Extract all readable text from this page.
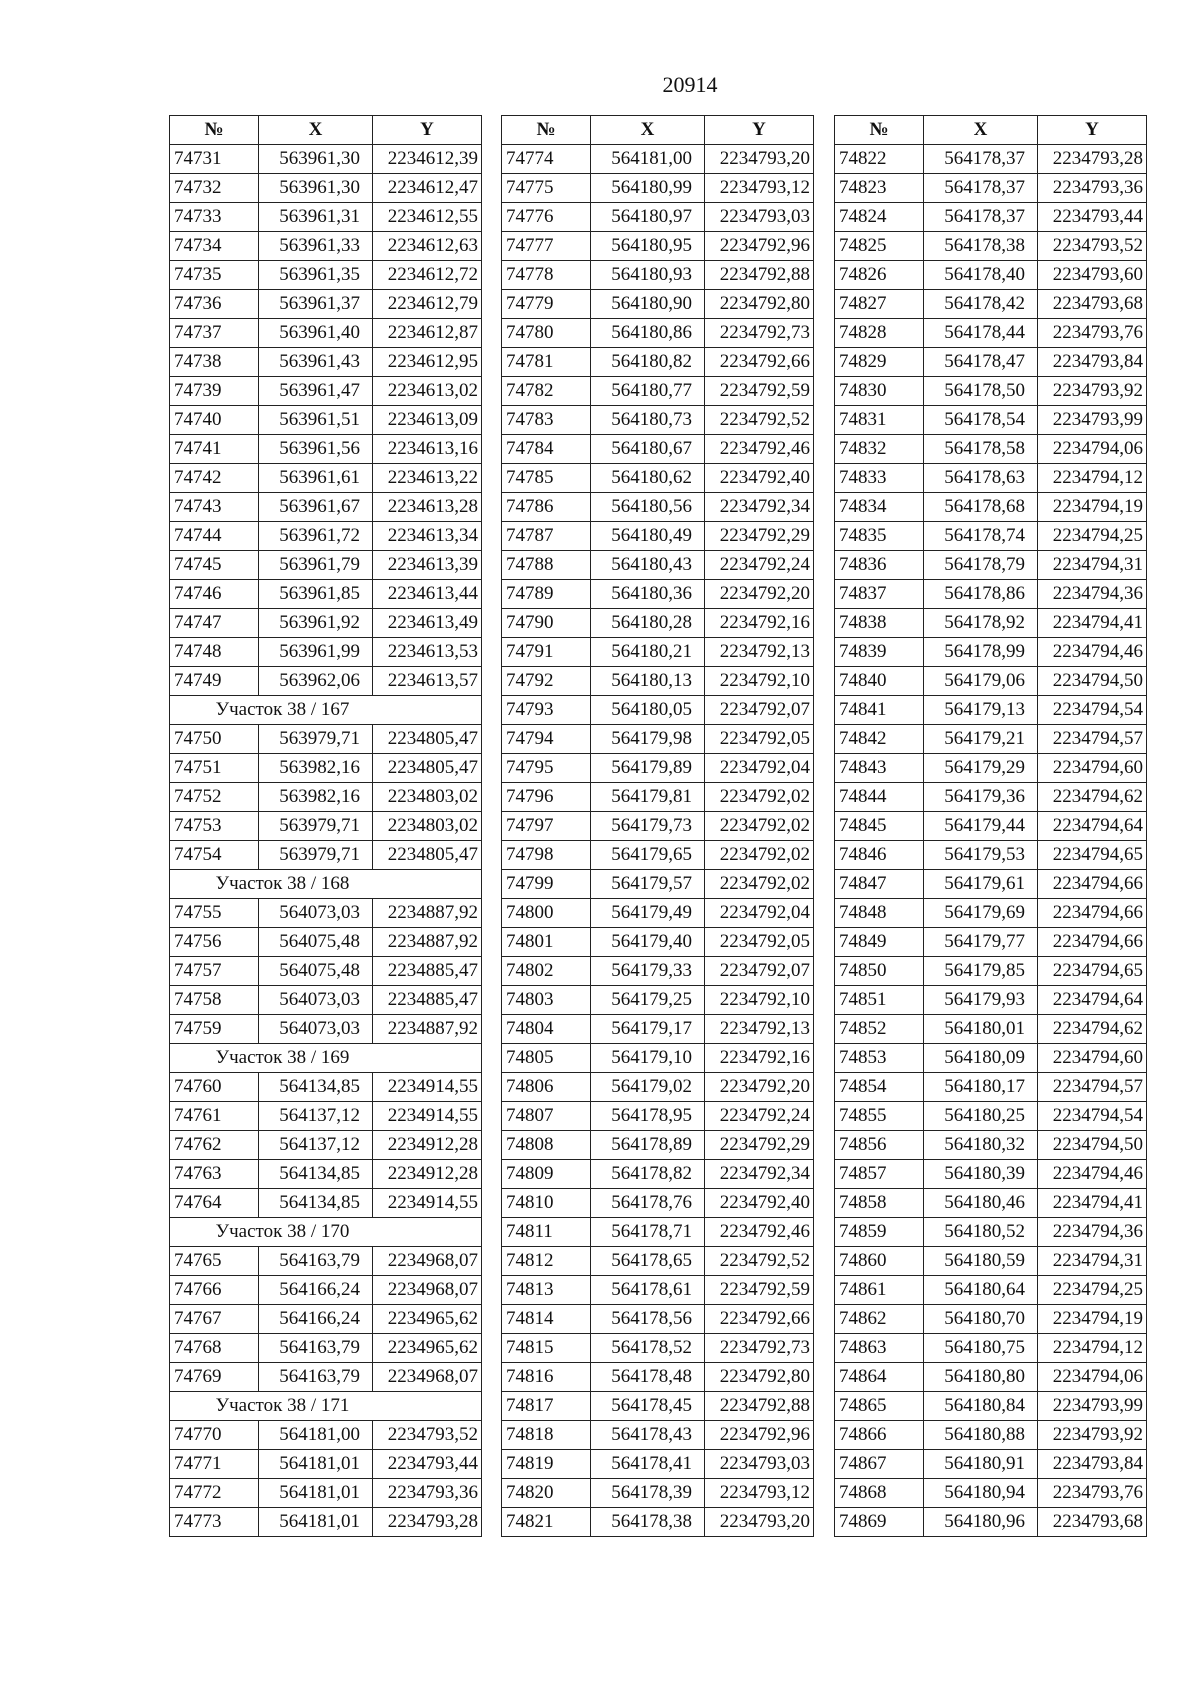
20914
№	X	Y
74731	563961,30	2234612,39
74732	563961,30	2234612,47
74733	563961,31	2234612,55
74734	563961,33	2234612,63
74735	563961,35	2234612,72
74736	563961,37	2234612,79
74737	563961,40	2234612,87
74738	563961,43	2234612,95
74739	563961,47	2234613,02
74740	563961,51	2234613,09
74741	563961,56	2234613,16
74742	563961,61	2234613,22
74743	563961,67	2234613,28
74744	563961,72	2234613,34
74745	563961,79	2234613,39
74746	563961,85	2234613,44
74747	563961,92	2234613,49
74748	563961,99	2234613,53
74749	563962,06	2234613,57
Участок 38 / 167		
74750	563979,71	2234805,47
74751	563982,16	2234805,47
74752	563982,16	2234803,02
74753	563979,71	2234803,02
74754	563979,71	2234805,47
Участок 38 / 168		
74755	564073,03	2234887,92
74756	564075,48	2234887,92
74757	564075,48	2234885,47
74758	564073,03	2234885,47
74759	564073,03	2234887,92
Участок 38 / 169		
74760	564134,85	2234914,55
74761	564137,12	2234914,55
74762	564137,12	2234912,28
74763	564134,85	2234912,28
74764	564134,85	2234914,55
Участок 38 / 170		
74765	564163,79	2234968,07
74766	564166,24	2234968,07
74767	564166,24	2234965,62
74768	564163,79	2234965,62
74769	564163,79	2234968,07
Участок 38 / 171		
74770	564181,00	2234793,52
74771	564181,01	2234793,44
74772	564181,01	2234793,36
74773	564181,01	2234793,28
№	X	Y
74774	564181,00	2234793,20
74775	564180,99	2234793,12
74776	564180,97	2234793,03
74777	564180,95	2234792,96
74778	564180,93	2234792,88
74779	564180,90	2234792,80
74780	564180,86	2234792,73
74781	564180,82	2234792,66
74782	564180,77	2234792,59
74783	564180,73	2234792,52
74784	564180,67	2234792,46
74785	564180,62	2234792,40
74786	564180,56	2234792,34
74787	564180,49	2234792,29
74788	564180,43	2234792,24
74789	564180,36	2234792,20
74790	564180,28	2234792,16
74791	564180,21	2234792,13
74792	564180,13	2234792,10
74793	564180,05	2234792,07
74794	564179,98	2234792,05
74795	564179,89	2234792,04
74796	564179,81	2234792,02
74797	564179,73	2234792,02
74798	564179,65	2234792,02
74799	564179,57	2234792,02
74800	564179,49	2234792,04
74801	564179,40	2234792,05
74802	564179,33	2234792,07
74803	564179,25	2234792,10
74804	564179,17	2234792,13
74805	564179,10	2234792,16
74806	564179,02	2234792,20
74807	564178,95	2234792,24
74808	564178,89	2234792,29
74809	564178,82	2234792,34
74810	564178,76	2234792,40
74811	564178,71	2234792,46
74812	564178,65	2234792,52
74813	564178,61	2234792,59
74814	564178,56	2234792,66
74815	564178,52	2234792,73
74816	564178,48	2234792,80
74817	564178,45	2234792,88
74818	564178,43	2234792,96
74819	564178,41	2234793,03
74820	564178,39	2234793,12
74821	564178,38	2234793,20
№	X	Y
74822	564178,37	2234793,28
74823	564178,37	2234793,36
74824	564178,37	2234793,44
74825	564178,38	2234793,52
74826	564178,40	2234793,60
74827	564178,42	2234793,68
74828	564178,44	2234793,76
74829	564178,47	2234793,84
74830	564178,50	2234793,92
74831	564178,54	2234793,99
74832	564178,58	2234794,06
74833	564178,63	2234794,12
74834	564178,68	2234794,19
74835	564178,74	2234794,25
74836	564178,79	2234794,31
74837	564178,86	2234794,36
74838	564178,92	2234794,41
74839	564178,99	2234794,46
74840	564179,06	2234794,50
74841	564179,13	2234794,54
74842	564179,21	2234794,57
74843	564179,29	2234794,60
74844	564179,36	2234794,62
74845	564179,44	2234794,64
74846	564179,53	2234794,65
74847	564179,61	2234794,66
74848	564179,69	2234794,66
74849	564179,77	2234794,66
74850	564179,85	2234794,65
74851	564179,93	2234794,64
74852	564180,01	2234794,62
74853	564180,09	2234794,60
74854	564180,17	2234794,57
74855	564180,25	2234794,54
74856	564180,32	2234794,50
74857	564180,39	2234794,46
74858	564180,46	2234794,41
74859	564180,52	2234794,36
74860	564180,59	2234794,31
74861	564180,64	2234794,25
74862	564180,70	2234794,19
74863	564180,75	2234794,12
74864	564180,80	2234794,06
74865	564180,84	2234793,99
74866	564180,88	2234793,92
74867	564180,91	2234793,84
74868	564180,94	2234793,76
74869	564180,96	2234793,68
